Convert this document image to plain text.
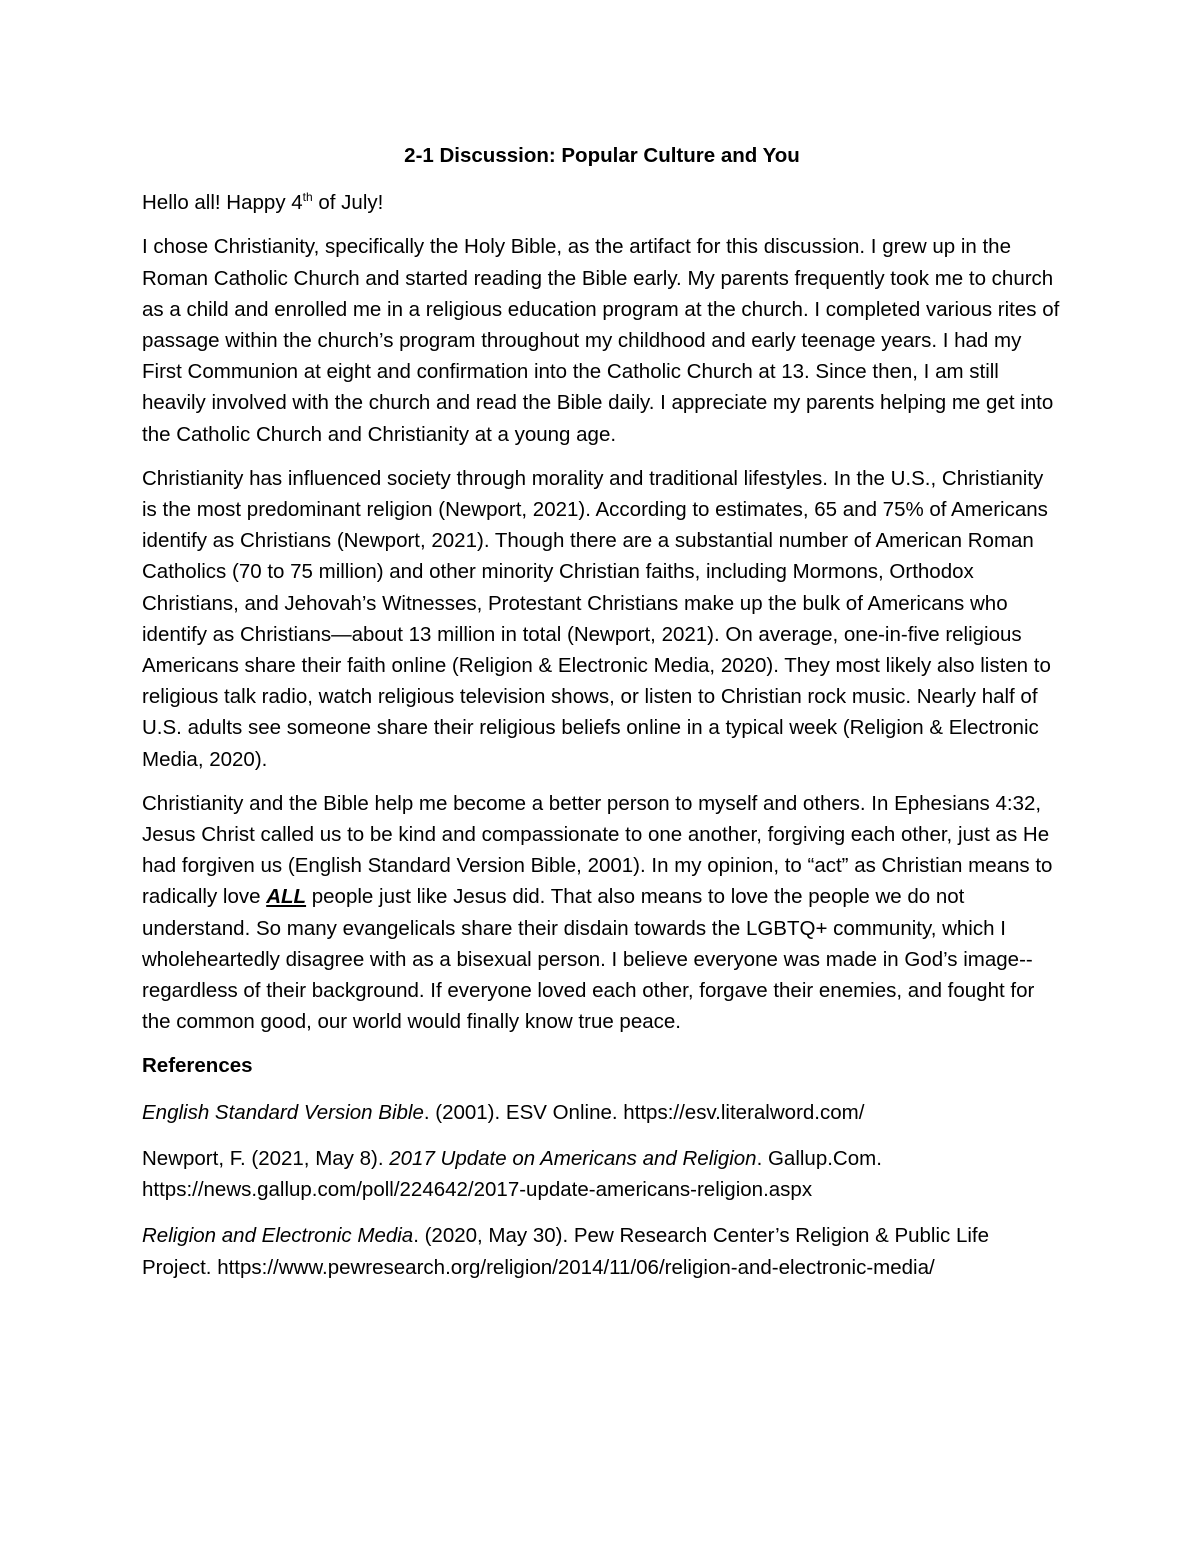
2-1 Discussion: Popular Culture and You

Hello all! Happy 4th of July!

I chose Christianity, specifically the Holy Bible, as the artifact for this discussion. I grew up in the Roman Catholic Church and started reading the Bible early. My parents frequently took me to church as a child and enrolled me in a religious education program at the church. I completed various rites of passage within the church’s program throughout my childhood and early teenage years. I had my First Communion at eight and confirmation into the Catholic Church at 13. Since then, I am still heavily involved with the church and read the Bible daily. I appreciate my parents helping me get into the Catholic Church and Christianity at a young age.

Christianity has influenced society through morality and traditional lifestyles. In the U.S., Christianity is the most predominant religion (Newport, 2021). According to estimates, 65 and 75% of Americans identify as Christians (Newport, 2021). Though there are a substantial number of American Roman Catholics (70 to 75 million) and other minority Christian faiths, including Mormons, Orthodox Christians, and Jehovah’s Witnesses, Protestant Christians make up the bulk of Americans who identify as Christians—about 13 million in total (Newport, 2021). On average, one-in-five religious Americans share their faith online (Religion & Electronic Media, 2020). They most likely also listen to religious talk radio, watch religious television shows, or listen to Christian rock music. Nearly half of U.S. adults see someone share their religious beliefs online in a typical week (Religion & Electronic Media, 2020).

Christianity and the Bible help me become a better person to myself and others. In Ephesians 4:32, Jesus Christ called us to be kind and compassionate to one another, forgiving each other, just as He had forgiven us (English Standard Version Bible, 2001). In my opinion, to “act” as Christian means to radically love ALL people just like Jesus did. That also means to love the people we do not understand. So many evangelicals share their disdain towards the LGBTQ+ community, which I wholeheartedly disagree with as a bisexual person. I believe everyone was made in God’s image--regardless of their background. If everyone loved each other, forgave their enemies, and fought for the common good, our world would finally know true peace.

References
English Standard Version Bible. (2001). ESV Online. https://esv.literalword.com/
Newport, F. (2021, May 8). 2017 Update on Americans and Religion. Gallup.Com. https://news.gallup.com/poll/224642/2017-update-americans-religion.aspx
Religion and Electronic Media. (2020, May 30). Pew Research Center’s Religion & Public Life Project. https://www.pewresearch.org/religion/2014/11/06/religion-and-electronic-media/
